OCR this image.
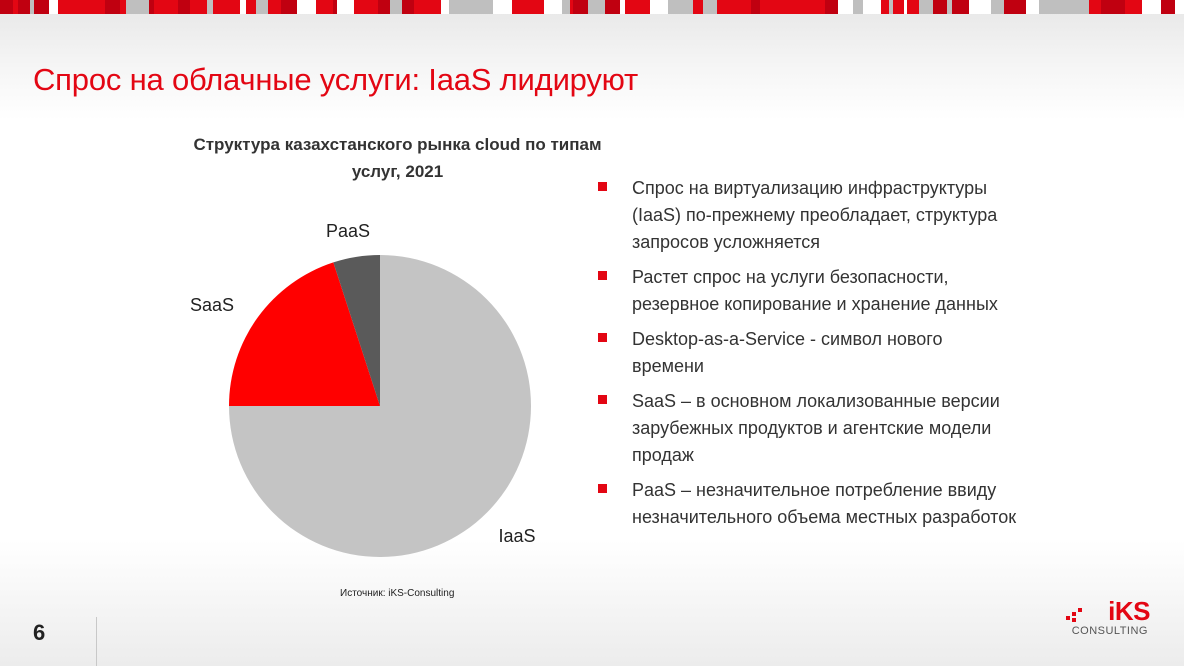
Спрос на облачные услуги: IaaS лидируют
Структура казахстанского рынка cloud по типам услуг, 2021
IaaS
SaaS
PaaS
Источник: iKS-Consulting
Спрос на виртуализацию инфраструктуры (IaaS) по-прежнему преобладает, структура запросов усложняется
Растет спрос на услуги безопасности, резервное копирование и хранение данных
Desktop-as-a-Service - символ нового времени
SaaS – в основном локализованные версии зарубежных продуктов и агентские модели продаж
PaaS – незначительное потребление ввиду незначительного объема местных разработок
6
iKS
CONSULTING
